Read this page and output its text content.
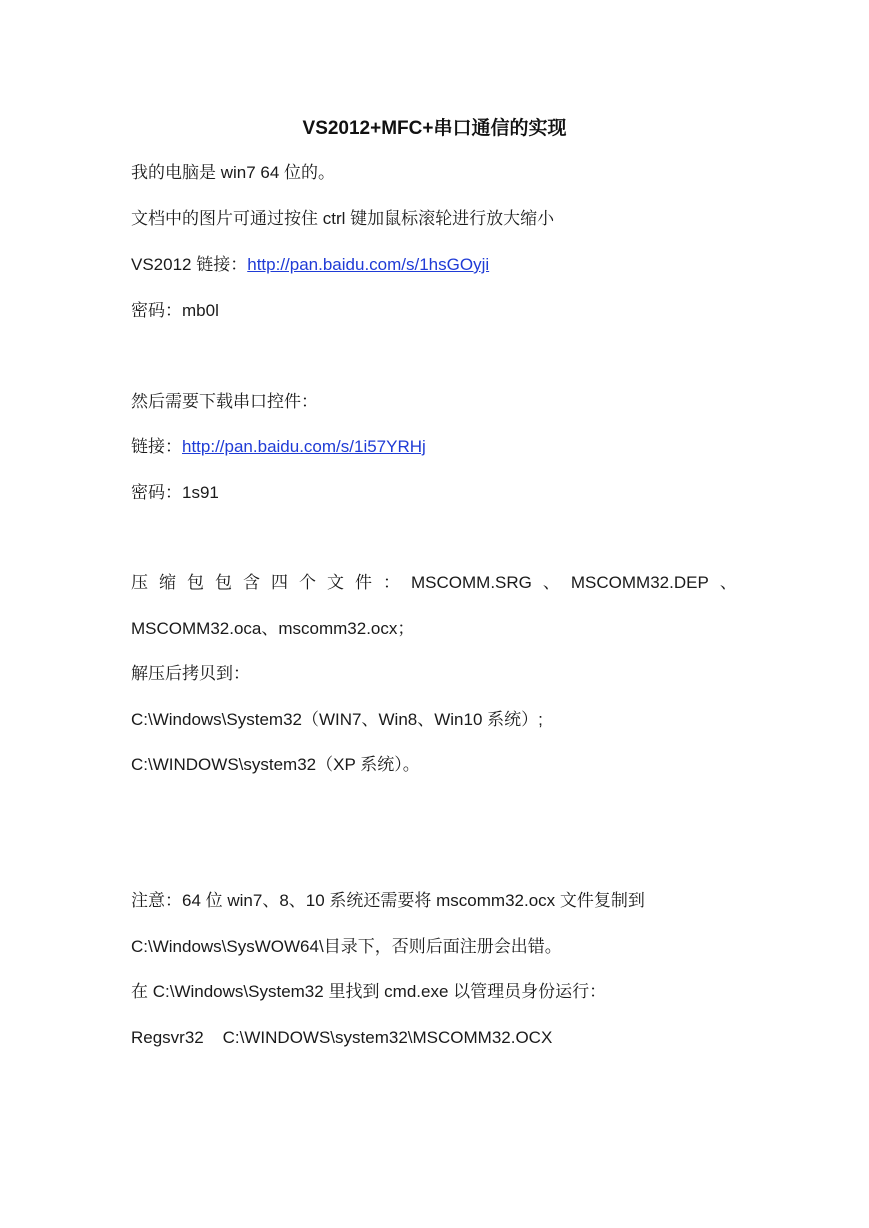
VS2012+MFC+串口通信的实现
我的电脑是 win7 64 位的。
文档中的图片可通过按住 ctrl 键加鼠标滚轮进行放大缩小
VS2012 链接：http://pan.baidu.com/s/1hsGOyji
密码：mb0l
然后需要下载串口控件：
链接：http://pan.baidu.com/s/1i57YRHj
密码：1s91
压 缩 包 包 含 四 个 文 件 ： MSCOMM.SRG 、 MSCOMM32.DEP 、
MSCOMM32.oca、mscomm32.ocx；
解压后拷贝到：
C:\Windows\System32（WIN7、Win8、Win10 系统）;
C:\WINDOWS\system32（XP 系统）。
注意：64 位 win7、8、10 系统还需要将 mscomm32.ocx 文件复制到
C:\Windows\SysWOW64\目录下，否则后面注册会出错。
在 C:\Windows\System32 里找到 cmd.exe 以管理员身份运行：
Regsvr32    C:\WINDOWS\system32\MSCOMM32.OCX
